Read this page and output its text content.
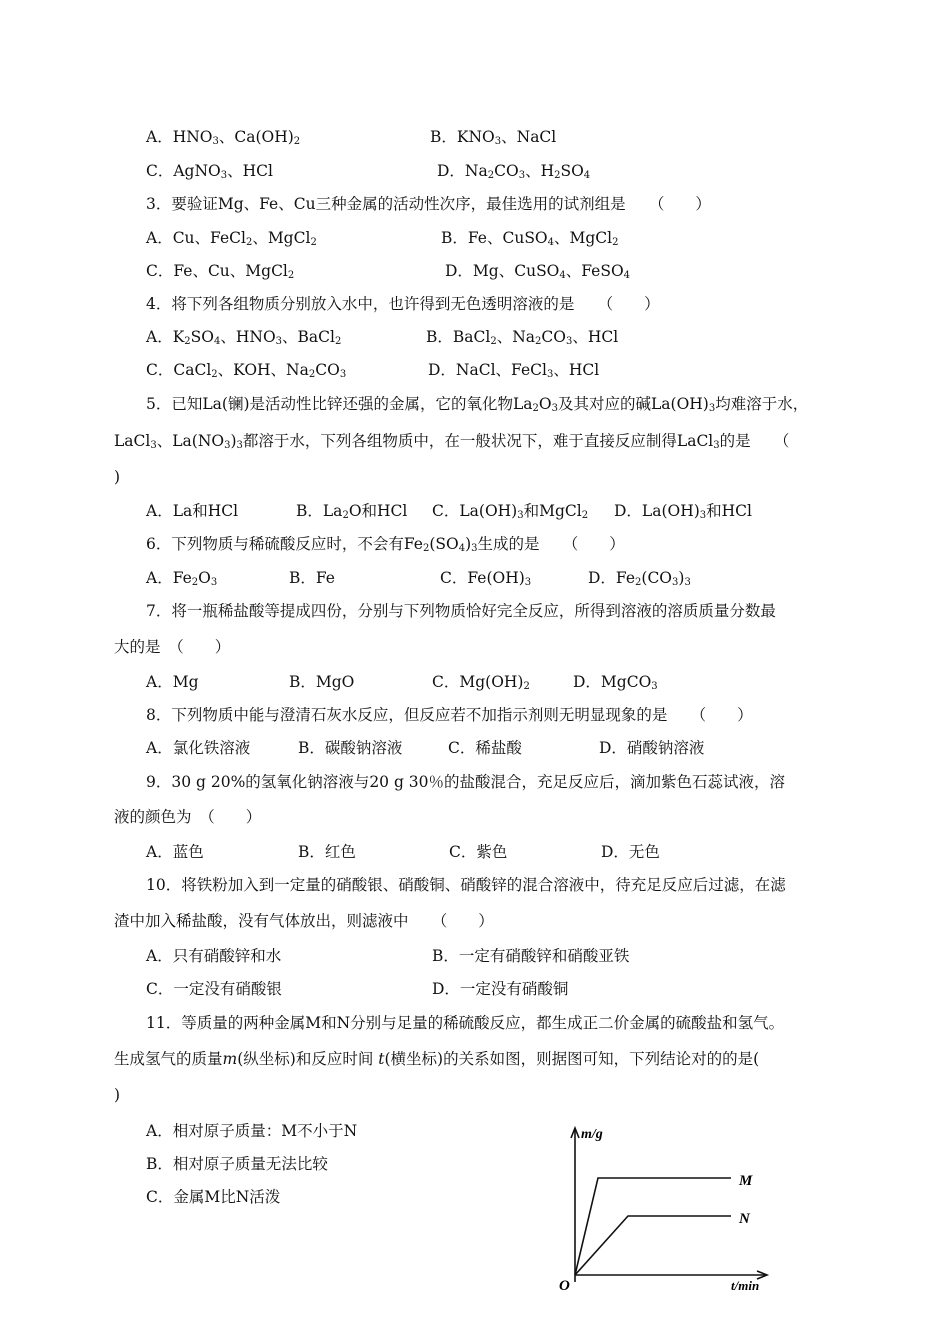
A．$HNO_3$、$Ca(OH)_2$	B．$KNO_3$、NaCl
C．AgNO$_3$、HCl	D．$Na_2CO_3$、$H_2SO_4$
3．要验证Mg、Fe、Cu三种金属的活动性次序，最佳选用的试剂组是　　（　　）
A．Cu、FeCl$_2$、MgCl$_2$	B．Fe、CuSO$_4$、MgCl$_2$
C．Fe、Cu、MgCl$_2$	D．Mg、CuSO$_4$、FeSO$_4$
4．将下列各组物质分别放入水中，也许得到无色透明溶液的是　　（　　）
A．$K_2SO_4$、$HNO_3$、BaCl$_2$	B．BaCl$_2$、$Na_2CO_3$、HCl
C．CaCl$_2$、KOH、$Na_2CO_3$	D．NaCl、FeCl$_3$、HCl
5．已知La(镧)是活动性比锌还强的金属，它的氧化物$La_2O_3$及其对应的碱$La(OH)_3$均难溶于水，
LaCl$_3$、$La(NO_3)_3$都溶于水，下列各组物质中，在一般状况下，难于直接反应制得LaCl$_3$的是　　（
)
A．La和HCl	B．$La_2O$和HCl C．$La(OH)_3$和MgCl$_2$ D．$La(OH)_3$和HCl
6．下列物质与稀硫酸反应时，不会有$Fe_2(SO_4)_3$生成的是　　（　　）
A．$Fe_2O_3$	B．Fe	C．$Fe(OH)_3$	D．$Fe_2(CO_3)_3$
7．将一瓶稀盐酸等提成四份，分别与下列物质恰好完全反应，所得到溶液的溶质质量分数最
大的是　（　　）
A．Mg	B．MgO	C．$Mg(OH)_2$	D．MgCO$_3$
8．下列物质中能与澄清石灰水反应，但反应若不加指示剂则无明显现象的是　　（　　）
A．氯化铁溶液	B．碳酸钠溶液	C．稀盐酸	D．硝酸钠溶液
9．30 g 20%的氢氧化钠溶液与20 g 30％的盐酸混合，充足反应后，滴加紫色石蕊试液，溶
液的颜色为　（　　）
A．蓝色	B．红色	C．紫色	D．无色
10．将铁粉加入到一定量的硝酸银、硝酸铜、硝酸锌的混合溶液中，待充足反应后过滤，在滤
渣中加入稀盐酸，没有气体放出，则滤液中　　（　　）
A．只有硝酸锌和水	B．一定有硝酸锌和硝酸亚铁
C．一定没有硝酸银	D．一定没有硝酸铜
11．等质量的两种金属M和N分别与足量的稀硫酸反应，都生成正二价金属的硫酸盐和氢气。
生成氢气的质量m(纵坐标)和反应时间 t(横坐标)的关系如图，则据图可知，下列结论对的的是(
)
A．相对原子质量：M不小于N
B．相对原子质量无法比较
C．金属M比N活泼
m/g
t/min
O
M
N
